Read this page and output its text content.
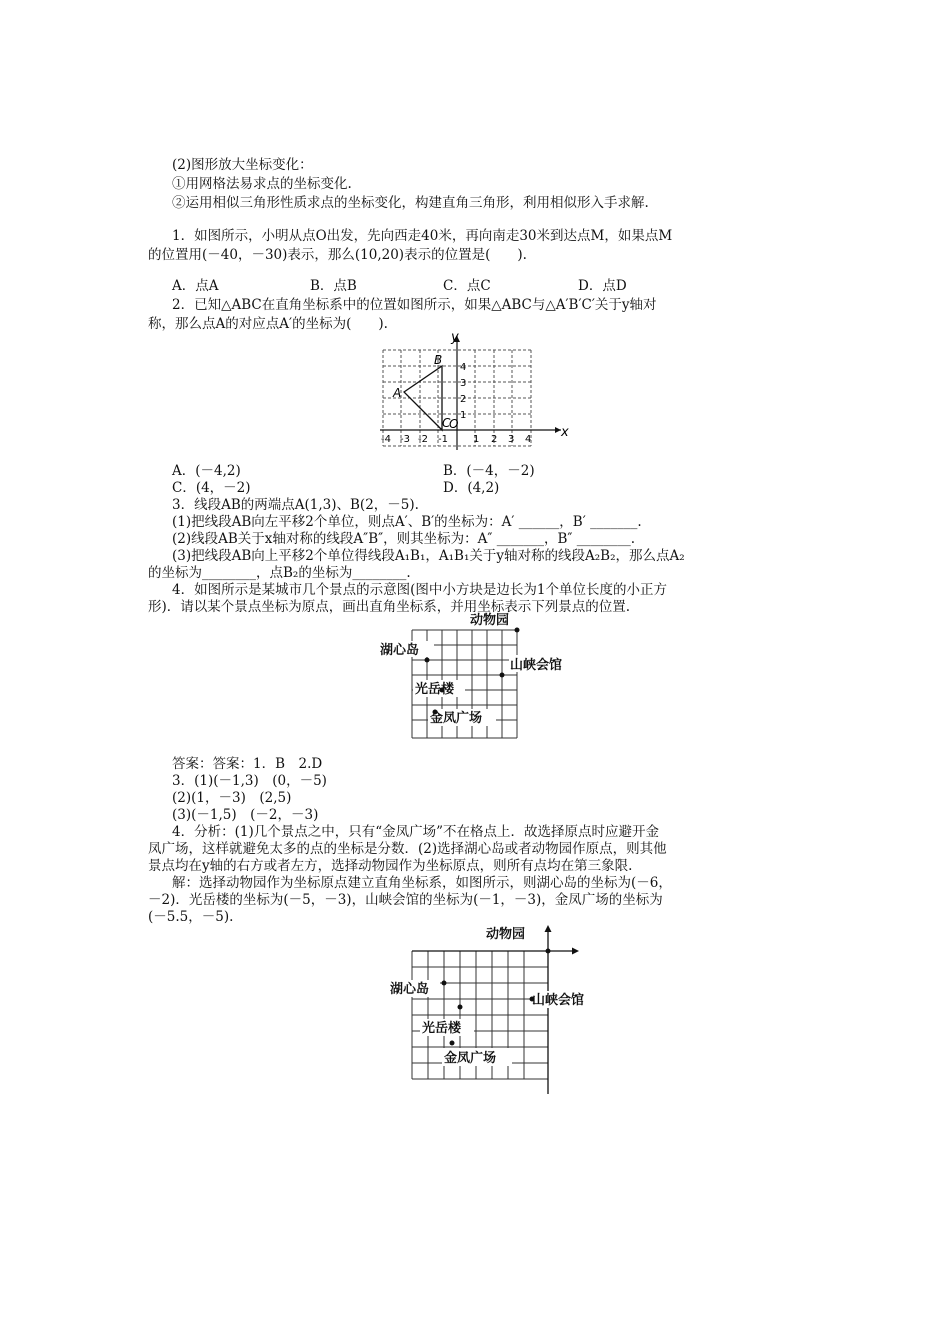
(2)图形放大坐标变化：
①用网格法易求点的坐标变化.
②运用相似三角形性质求点的坐标变化，构建直角三角形，利用相似形入手求解.
1．如图所示，小明从点O出发，先向西走40米，再向南走30米到达点M，如果点M
的位置用(－40，－30)表示，那么(10,20)表示的位置是(　　).
A．点A	B．点B	C．点C	D．点D
2．已知△ABC在直角坐标系中的位置如图所示，如果△ABC与△A′B′C′关于y轴对
称，那么点A的对应点A′的坐标为(　　).
y
x
O
A
B
C
-4 -3 -2 -1	1 2 3 4
1
2
3
4
A．(－4,2)	B．(－4，－2)
C．(4，－2)	D．(4,2)
3．线段AB的两端点A(1,3)、B(2，－5).
(1)把线段AB向左平移2个单位，则点A′、B′的坐标为：A′ ______，B′ _______.
(2)线段AB关于x轴对称的线段A″B″，则其坐标为：A″ _______，B″ ________.
(3)把线段AB向上平移2个单位得线段A₁B₁，A₁B₁关于y轴对称的线段A₂B₂，那么点A₂
的坐标为________，点B₂的坐标为________.
4．如图所示是某城市几个景点的示意图(图中小方块是边长为1个单位长度的小正方
形)．请以某个景点坐标为原点，画出直角坐标系，并用坐标表示下列景点的位置.
动物园
湖心岛
山峡会馆
光岳楼
金凤广场
答案：答案：1．B　2.D
3．(1)(－1,3)　(0，－5)
(2)(1，－3)　(2,5)
(3)(－1,5)　(－2，－3)
4．分析：(1)几个景点之中，只有“金凤广场”不在格点上．故选择原点时应避开金
凤广场，这样就避免太多的点的坐标是分数．(2)选择湖心岛或者动物园作原点，则其他
景点均在y轴的右方或者左方，选择动物园作为坐标原点，则所有点均在第三象限.
解：选择动物园作为坐标原点建立直角坐标系，如图所示，则湖心岛的坐标为(－6，
－2)．光岳楼的坐标为(－5，－3)，山峡会馆的坐标为(－1，－3)，金凤广场的坐标为
(－5.5，－5).
动物园
湖心岛
山峡会馆
光岳楼
金凤广场
